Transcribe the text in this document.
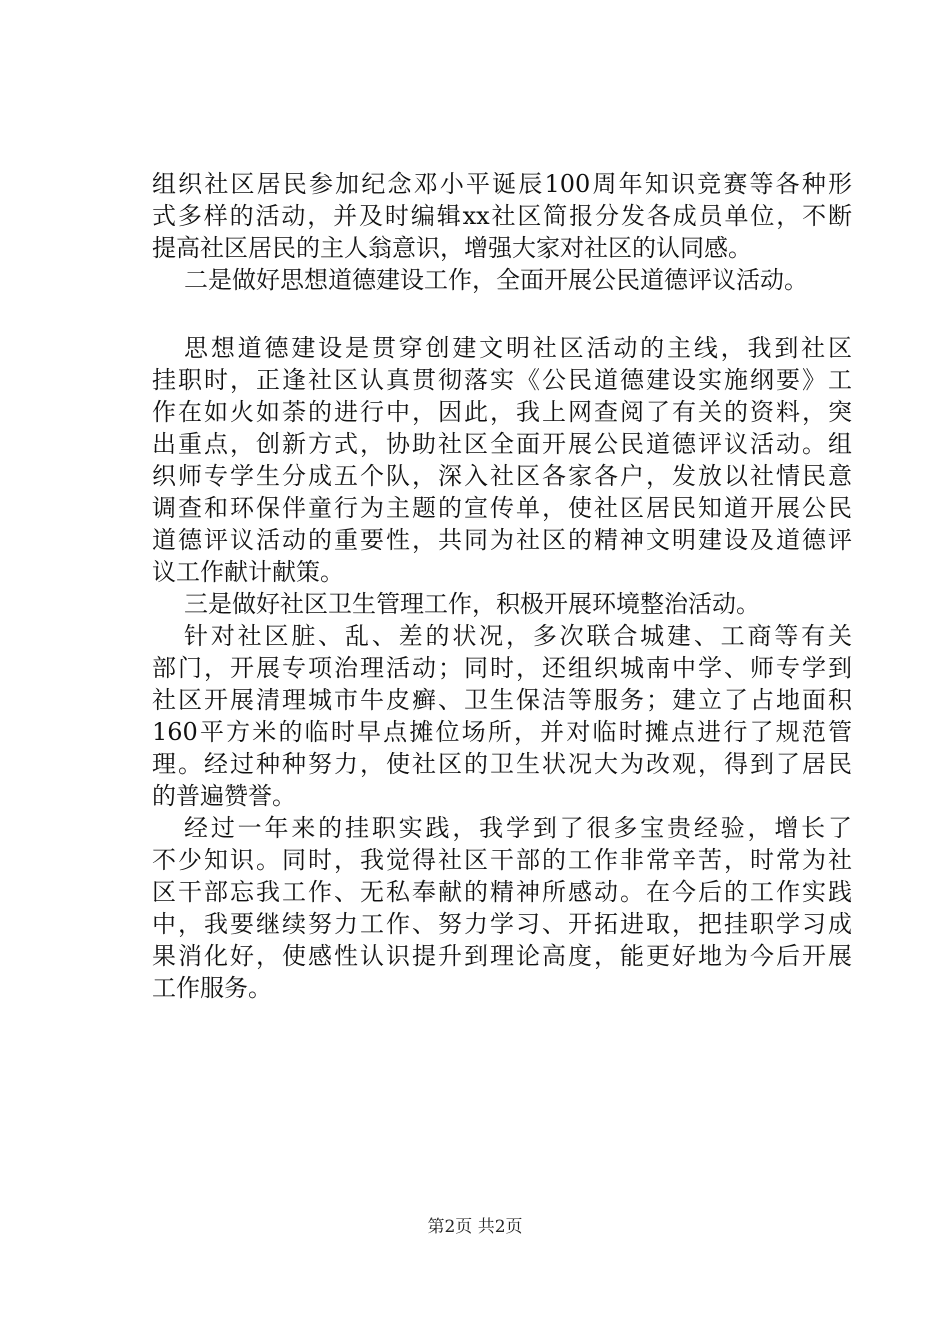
组织社区居民参加纪念邓小平诞辰100周年知识竞赛等各种形
式多样的活动，并及时编辑xx社区简报分发各成员单位，不断
提高社区居民的主人翁意识，增强大家对社区的认同感。
二是做好思想道德建设工作，全面开展公民道德评议活动。
思想道德建设是贯穿创建文明社区活动的主线，我到社区
挂职时，正逢社区认真贯彻落实《公民道德建设实施纲要》工
作在如火如荼的进行中，因此，我上网查阅了有关的资料，突
出重点，创新方式，协助社区全面开展公民道德评议活动。组
织师专学生分成五个队，深入社区各家各户，发放以社情民意
调查和环保伴童行为主题的宣传单，使社区居民知道开展公民
道德评议活动的重要性，共同为社区的精神文明建设及道德评
议工作献计献策。
三是做好社区卫生管理工作，积极开展环境整治活动。
针对社区脏、乱、差的状况，多次联合城建、工商等有关
部门，开展专项治理活动；同时，还组织城南中学、师专学到
社区开展清理城市牛皮癣、卫生保洁等服务；建立了占地面积
160平方米的临时早点摊位场所，并对临时摊点进行了规范管
理。经过种种努力，使社区的卫生状况大为改观，得到了居民
的普遍赞誉。
经过一年来的挂职实践，我学到了很多宝贵经验，增长了
不少知识。同时，我觉得社区干部的工作非常辛苦，时常为社
区干部忘我工作、无私奉献的精神所感动。在今后的工作实践
中，我要继续努力工作、努力学习、开拓进取，把挂职学习成
果消化好，使感性认识提升到理论高度，能更好地为今后开展
工作服务。
第2页 共2页
